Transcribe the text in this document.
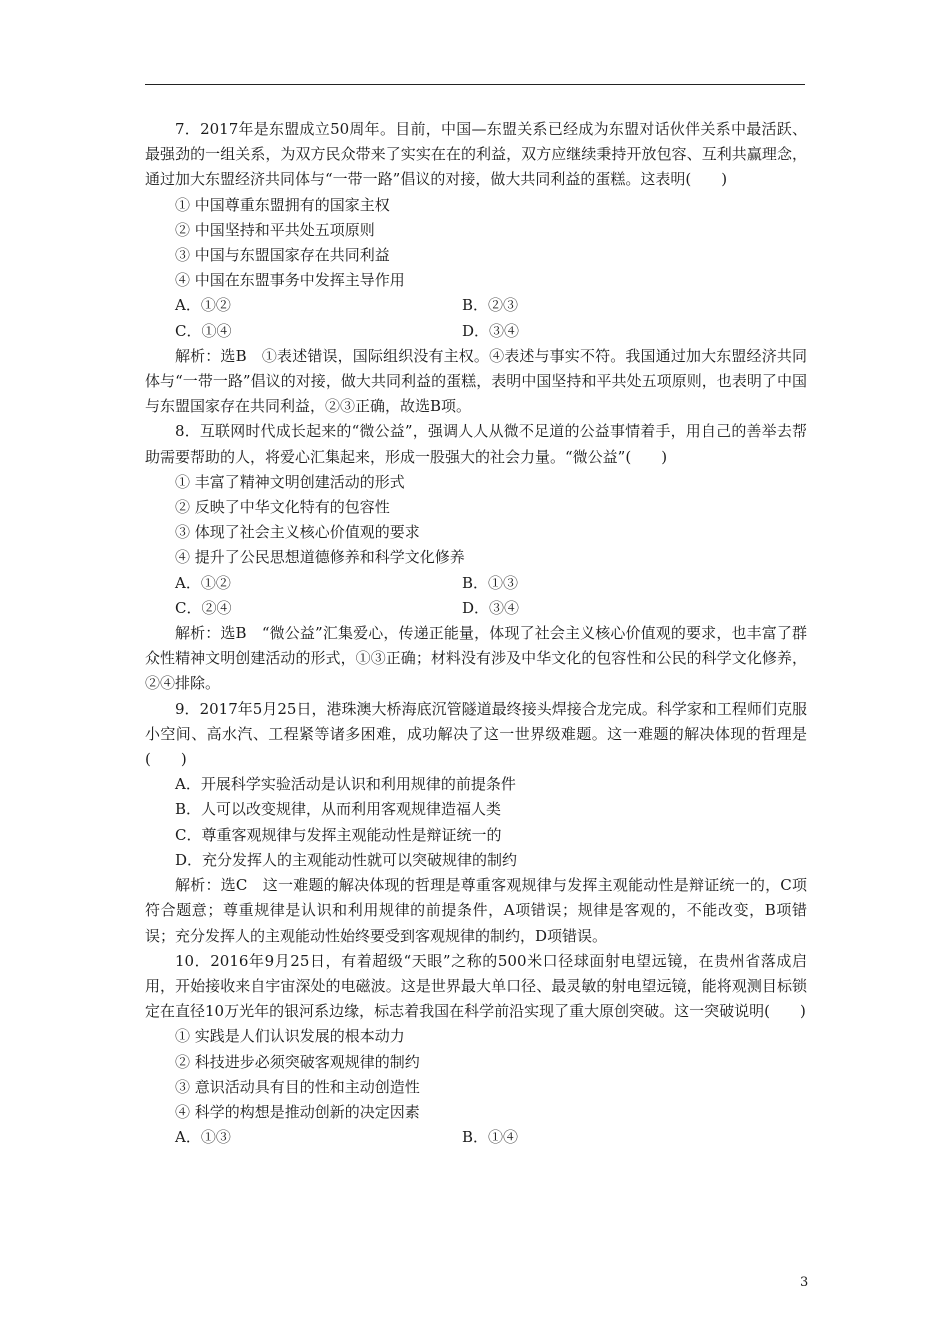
7．2017年是东盟成立50周年。目前，中国—东盟关系已经成为东盟对话伙伴关系中最活跃、最强劲的一组关系，为双方民众带来了实实在在的利益，双方应继续秉持开放包容、互利共赢理念，通过加大东盟经济共同体与“一带一路”倡议的对接，做大共同利益的蛋糕。这表明(　　)

① 中国尊重东盟拥有的国家主权

② 中国坚持和平共处五项原则

③ 中国与东盟国家存在共同利益

④ 中国在东盟事务中发挥主导作用

A．①②	B．②③
C．①④	D．③④

解析：选B　①表述错误，国际组织没有主权。④表述与事实不符。我国通过加大东盟经济共同体与“一带一路”倡议的对接，做大共同利益的蛋糕，表明中国坚持和平共处五项原则，也表明了中国与东盟国家存在共同利益，②③正确，故选B项。

8．互联网时代成长起来的“微公益”，强调人人从微不足道的公益事情着手，用自己的善举去帮助需要帮助的人，将爱心汇集起来，形成一股强大的社会力量。“微公益”(　　)

① 丰富了精神文明创建活动的形式

② 反映了中华文化特有的包容性

③ 体现了社会主义核心价值观的要求

④ 提升了公民思想道德修养和科学文化修养

A．①②	B．①③
C．②④	D．③④

解析：选B　“微公益”汇集爱心，传递正能量，体现了社会主义核心价值观的要求，也丰富了群众性精神文明创建活动的形式，①③正确；材料没有涉及中华文化的包容性和公民的科学文化修养，②④排除。

9．2017年5月25日，港珠澳大桥海底沉管隧道最终接头焊接合龙完成。科学家和工程师们克服小空间、高水汽、工程紧等诸多困难，成功解决了这一世界级难题。这一难题的解决体现的哲理是(　　)

A．开展科学实验活动是认识和利用规律的前提条件

B．人可以改变规律，从而利用客观规律造福人类

C．尊重客观规律与发挥主观能动性是辩证统一的

D．充分发挥人的主观能动性就可以突破规律的制约

解析：选C　这一难题的解决体现的哲理是尊重客观规律与发挥主观能动性是辩证统一的，C项符合题意；尊重规律是认识和利用规律的前提条件，A项错误；规律是客观的，不能改变，B项错误；充分发挥人的主观能动性始终要受到客观规律的制约，D项错误。

10．2016年9月25日，有着超级“天眼”之称的500米口径球面射电望远镜，在贵州省落成启用，开始接收来自宇宙深处的电磁波。这是世界最大单口径、最灵敏的射电望远镜，能将观测目标锁定在直径10万光年的银河系边缘，标志着我国在科学前沿实现了重大原创突破。这一突破说明(　　)

① 实践是人们认识发展的根本动力

② 科技进步必须突破客观规律的制约

③ 意识活动具有目的性和主动创造性

④ 科学的构想是推动创新的决定因素

A．①③	B．①④
3
